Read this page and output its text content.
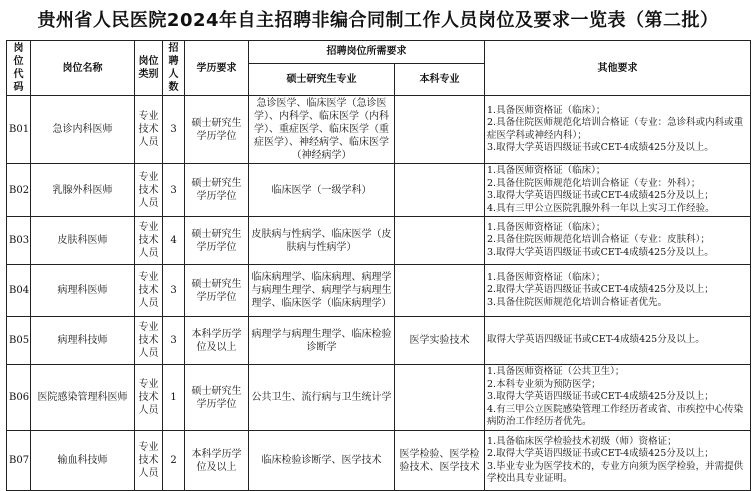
贵州省人民医院2024年自主招聘非编合同制工作人员岗位及要求一览表（第二批）
岗位代码	岗位名称	岗位类别	招聘人数	学历要求	招聘岗位所需要求		其他要求
					硕士研究生专业	本科专业	
B01	急诊内科医师	专业技术人员	3	硕士研究生学历学位	急诊医学、临床医学（急诊医学）、内科学、临床医学（内科学）、重症医学、临床医学（重症医学）、神经病学、临床医学（神经病学）		1.具备医师资格证（临床）；
2.具备住院医师规范化培训合格证（专业：急诊科或内科或重症医学科或神经内科）；
3.取得大学英语四级证书或CET-4成绩425分及以上。

B02	乳腺外科医师	专业技术人员	3	硕士研究生学历学位	临床医学（一级学科）		1.具备医师资格证（临床）；
2.具备住院医师规范化培训合格证（专业：外科）；
3.取得大学英语四级证书或CET-4成绩425分及以上；
4.具有三甲公立医院乳腺外科一年以上实习工作经验。

B03	皮肤科医师	专业技术人员	4	硕士研究生学历学位	皮肤病与性病学、临床医学（皮肤病与性病学）		1.具备医师资格证（临床）；
2.具备住院医师规范化培训合格证（专业：皮肤科）；
3.取得大学英语四级证书或CET-4成绩425分及以上。

B04	病理科医师	专业技术人员	3	硕士研究生学历学位	临床病理学、临床病理、病理学与病理生理学、病理学与病理生理学、临床医学（临床病理学）		1.具备医师资格证（临床）；
2.取得大学英语四级证书或CET-4成绩425分及以上；
3.具备住院医师规范化培训合格证者优先。

B05	病理科技师	专业技术人员	3	本科学历学位及以上	病理学与病理生理学、临床检验诊断学	医学实验技术	取得大学英语四级证书或CET-4成绩425分及以上。

B06	医院感染管理科医师	专业技术人员	1	硕士研究生学历学位	公共卫生、流行病与卫生统计学		1.具备医师资格证（公共卫生）；
2.本科专业须为预防医学；
3.取得大学英语四级证书或CET-4成绩425分及以上；
4.有三甲公立医院感染管理工作经历者或省、市疾控中心传染病防治工作经历者优先。

B07	输血科技师	专业技术人员	2	本科学历学位及以上	临床检验诊断学、医学技术	医学检验、医学检验技术、医学技术	1.具备临床医学检验技术初级（师）资格证；
2.取得大学英语四级证书或CET-4成绩425分及以上；
3.毕业专业为医学技术的，专业方向须为医学检验，并需提供学校出具专业证明。
